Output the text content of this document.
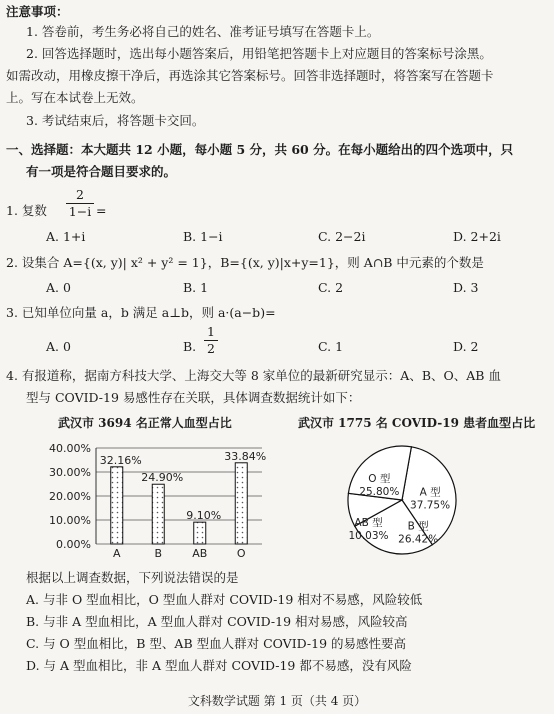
注意事项：
1. 答卷前，考生务必将自己的姓名、准考证号填写在答题卡上。
2. 回答选择题时，选出每小题答案后，用铅笔把答题卡上对应题目的答案标号涂黑。
如需改动，用橡皮擦干净后，再选涂其它答案标号。回答非选择题时，将答案写在答题卡
上。写在本试卷上无效。
3. 考试结束后，将答题卡交回。
一、选择题：本大题共 12 小题，每小题 5 分，共 60 分。在每小题给出的四个选项中，只
有一项是符合题目要求的。
1. 复数
2
1−i =
A. 1+i	B. 1−i	C. 2−2i	D. 2+2i
2. 设集合 A={(x, y)| x² + y² = 1}，B={(x, y)|x+y=1}，则 A∩B 中元素的个数是
A. 0	B. 1	C. 2	D. 3
3. 已知单位向量 a，b 满足 a⊥b，则 a·(a−b)=
A. 0	B.
1
2	C. 1	D. 2
4. 有报道称，据南方科技大学、上海交大等 8 家单位的最新研究显示：A、B、O、AB 血
型与 COVID-19 易感性存在关联，具体调查数据统计如下：
武汉市 3694 名正常人血型占比
0.00%
10.00%
20.00%
30.00%
40.00%
32.16%
24.90%
9.10%
33.84%
A	B	AB	O
武汉市 1775 名 COVID-19 患者血型占比
A 型
37.75%
B 型
26.42%
AB 型
10.03%
O 型
25.80%
根据以上调查数据，下列说法错误的是
A. 与非 O 型血相比，O 型血人群对 COVID-19 相对不易感，风险较低
B. 与非 A 型血相比，A 型血人群对 COVID-19 相对易感，风险较高
C. 与 O 型血相比，B 型、AB 型血人群对 COVID-19 的易感性要高
D. 与 A 型血相比，非 A 型血人群对 COVID-19 都不易感，没有风险
文科数学试题 第 1 页（共 4 页）
